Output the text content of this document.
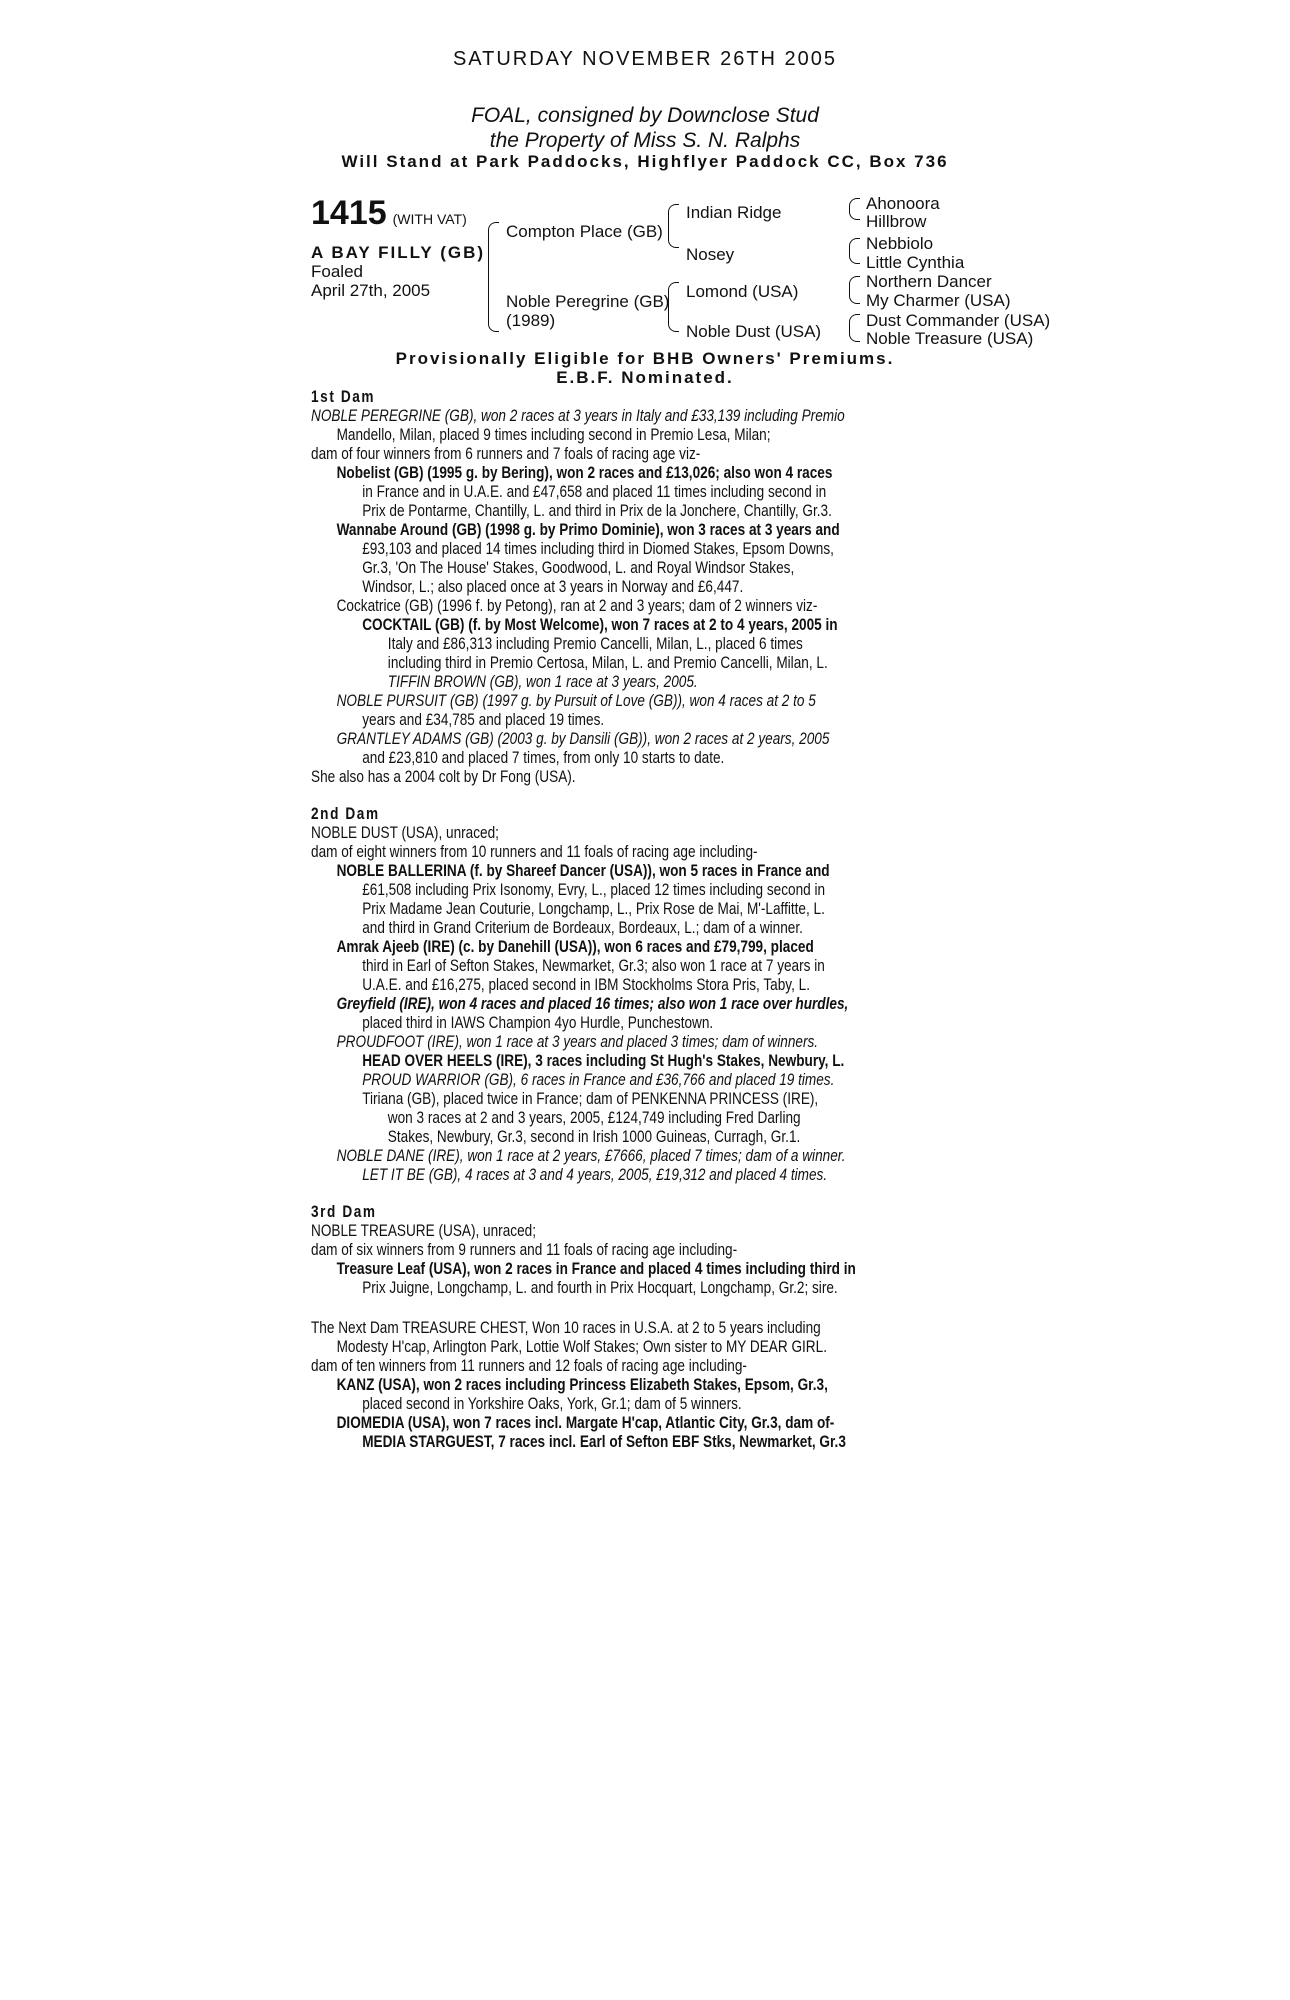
SATURDAY NOVEMBER 26TH 2005
FOAL, consigned by Downclose Stud
the Property of Miss S. N. Ralphs
Will Stand at Park Paddocks, Highflyer Paddock CC, Box 736
1415 (WITH VAT)
A BAY FILLY (GB)
Foaled
April 27th, 2005
Compton Place (GB)
Noble Peregrine (GB)
(1989)
Indian Ridge
Nosey
Lomond (USA)
Noble Dust (USA)
Ahonoora
Hillbrow
Nebbiolo
Little Cynthia
Northern Dancer
My Charmer (USA)
Dust Commander (USA)
Noble Treasure (USA)
Provisionally Eligible for BHB Owners' Premiums.
E.B.F. Nominated.
1st Dam
NOBLE PEREGRINE (GB), won 2 races at 3 years in Italy and £33,139 including Premio
Mandello, Milan, placed 9 times including second in Premio Lesa, Milan;
dam of four winners from 6 runners and 7 foals of racing age viz-
Nobelist (GB) (1995 g. by Bering), won 2 races and £13,026; also won 4 races
in France and in U.A.E. and £47,658 and placed 11 times including second in
Prix de Pontarme, Chantilly, L. and third in Prix de la Jonchere, Chantilly, Gr.3.
Wannabe Around (GB) (1998 g. by Primo Dominie), won 3 races at 3 years and
£93,103 and placed 14 times including third in Diomed Stakes, Epsom Downs,
Gr.3, 'On The House' Stakes, Goodwood, L. and Royal Windsor Stakes,
Windsor, L.; also placed once at 3 years in Norway and £6,447.
Cockatrice (GB) (1996 f. by Petong), ran at 2 and 3 years; dam of 2 winners viz-
COCKTAIL (GB) (f. by Most Welcome), won 7 races at 2 to 4 years, 2005 in
Italy and £86,313 including Premio Cancelli, Milan, L., placed 6 times
including third in Premio Certosa, Milan, L. and Premio Cancelli, Milan, L.
TIFFIN BROWN (GB), won 1 race at 3 years, 2005.
NOBLE PURSUIT (GB) (1997 g. by Pursuit of Love (GB)), won 4 races at 2 to 5
years and £34,785 and placed 19 times.
GRANTLEY ADAMS (GB) (2003 g. by Dansili (GB)), won 2 races at 2 years, 2005
and £23,810 and placed 7 times, from only 10 starts to date.
She also has a 2004 colt by Dr Fong (USA).
2nd Dam
NOBLE DUST (USA), unraced;
dam of eight winners from 10 runners and 11 foals of racing age including-
NOBLE BALLERINA (f. by Shareef Dancer (USA)), won 5 races in France and
£61,508 including Prix Isonomy, Evry, L., placed 12 times including second in
Prix Madame Jean Couturie, Longchamp, L., Prix Rose de Mai, M'-Laffitte, L.
and third in Grand Criterium de Bordeaux, Bordeaux, L.; dam of a winner.
Amrak Ajeeb (IRE) (c. by Danehill (USA)), won 6 races and £79,799, placed
third in Earl of Sefton Stakes, Newmarket, Gr.3; also won 1 race at 7 years in
U.A.E. and £16,275, placed second in IBM Stockholms Stora Pris, Taby, L.
Greyfield (IRE), won 4 races and placed 16 times; also won 1 race over hurdles,
placed third in IAWS Champion 4yo Hurdle, Punchestown.
PROUDFOOT (IRE), won 1 race at 3 years and placed 3 times; dam of winners.
HEAD OVER HEELS (IRE), 3 races including St Hugh's Stakes, Newbury, L.
PROUD WARRIOR (GB), 6 races in France and £36,766 and placed 19 times.
Tiriana (GB), placed twice in France; dam of PENKENNA PRINCESS (IRE),
won 3 races at 2 and 3 years, 2005, £124,749 including Fred Darling
Stakes, Newbury, Gr.3, second in Irish 1000 Guineas, Curragh, Gr.1.
NOBLE DANE (IRE), won 1 race at 2 years, £7666, placed 7 times; dam of a winner.
LET IT BE (GB), 4 races at 3 and 4 years, 2005, £19,312 and placed 4 times.
3rd Dam
NOBLE TREASURE (USA), unraced;
dam of six winners from 9 runners and 11 foals of racing age including-
Treasure Leaf (USA), won 2 races in France and placed 4 times including third in
Prix Juigne, Longchamp, L. and fourth in Prix Hocquart, Longchamp, Gr.2; sire.
The Next Dam TREASURE CHEST, Won 10 races in U.S.A. at 2 to 5 years including
Modesty H'cap, Arlington Park, Lottie Wolf Stakes; Own sister to MY DEAR GIRL.
dam of ten winners from 11 runners and 12 foals of racing age including-
KANZ (USA), won 2 races including Princess Elizabeth Stakes, Epsom, Gr.3,
placed second in Yorkshire Oaks, York, Gr.1; dam of 5 winners.
DIOMEDIA (USA), won 7 races incl. Margate H'cap, Atlantic City, Gr.3, dam of-
MEDIA STARGUEST, 7 races incl. Earl of Sefton EBF Stks, Newmarket, Gr.3
